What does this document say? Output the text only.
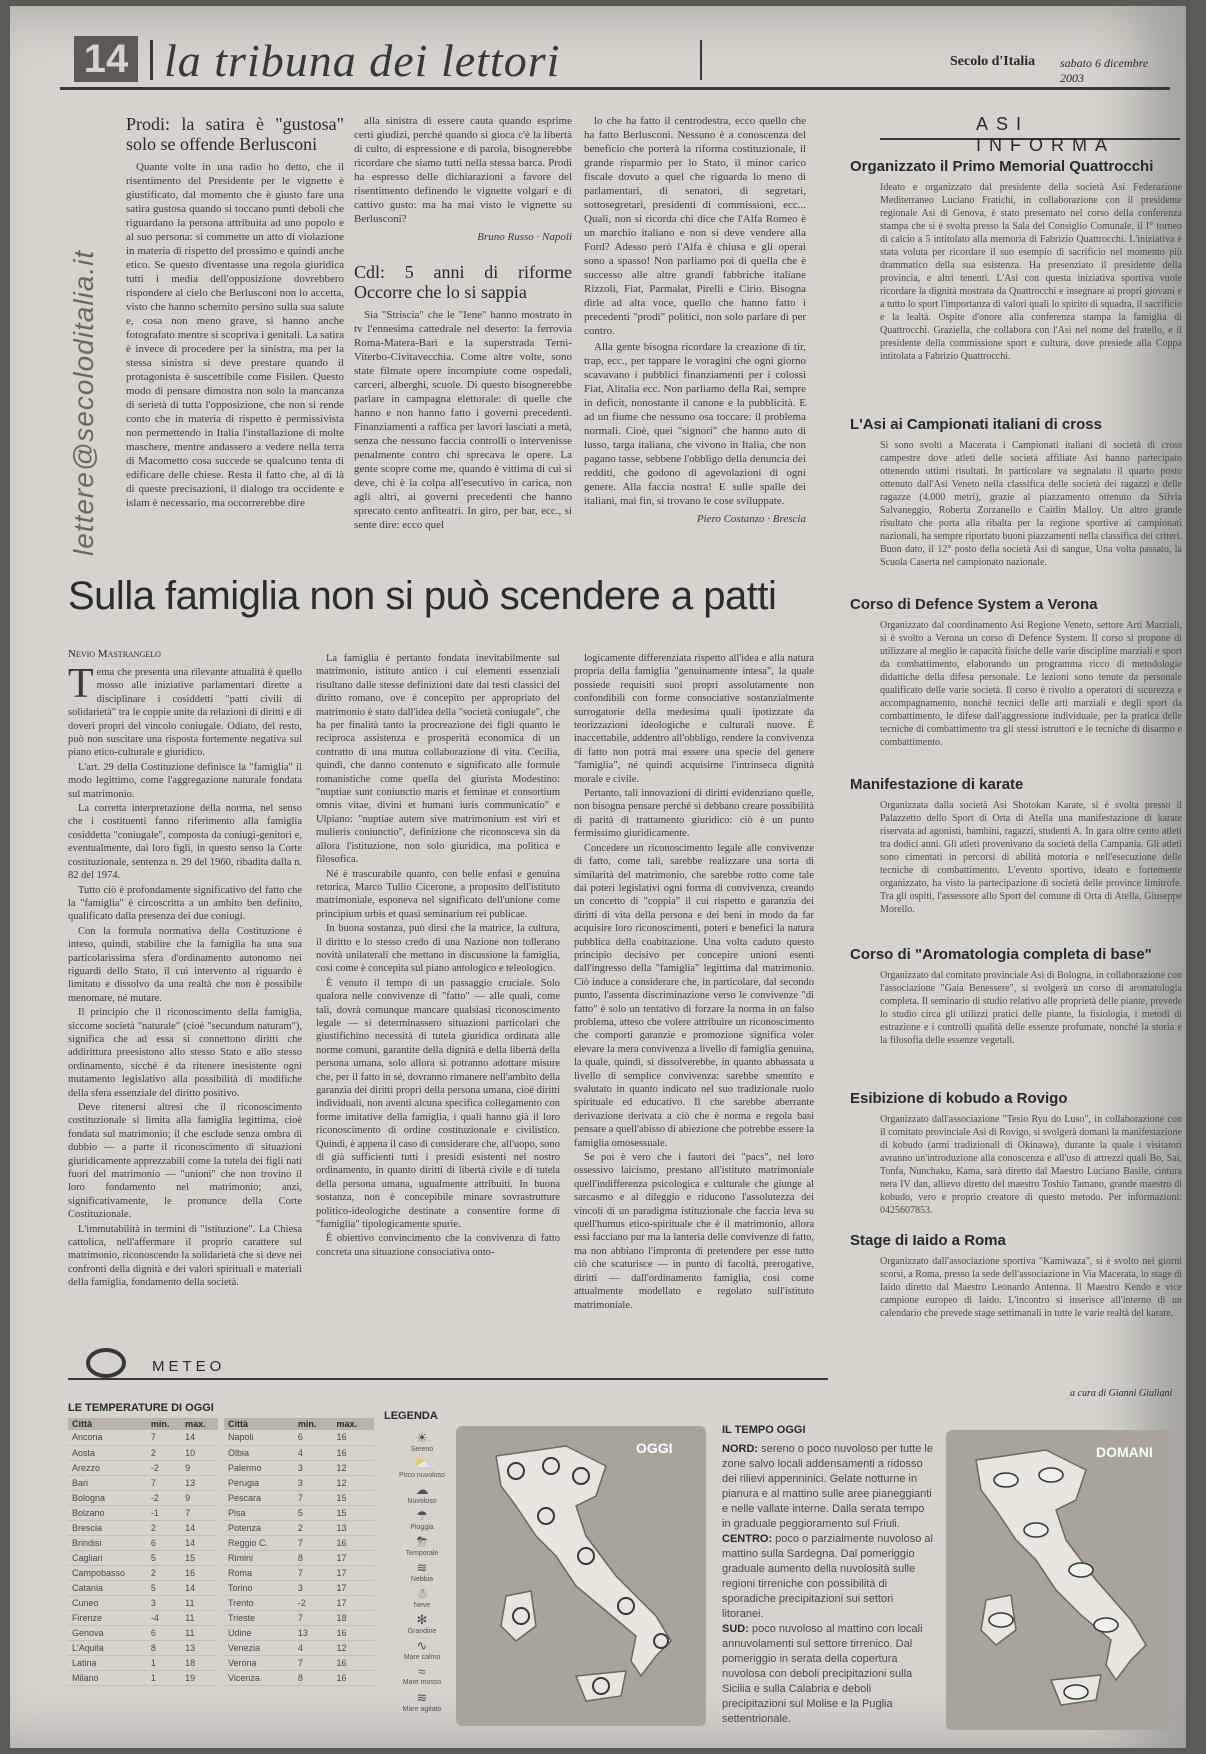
14 la tribuna dei lettori	Secolo d'Italia sabato 6 dicembre 2003
lettere@secoloditalia.it
Prodi: la satira è "gustosa" solo se offende Berlusconi

Quante volte in una radio ho detto, che il risentimento del Presidente per le vignette è giustificato, dal momento che è giusto fare una satira gustosa quando si toccano punti deboli che riguardano la persona attribuita ad uno popolo e al suo persona: si commette un atto di violazione in materia di rispetto del prossimo e quindi anche etico. Se questo diventasse una regola giuridica tutti i media dell'opposizione dovrebbero rispondere al cielo che Berlusconi non lo accetta, visto che hanno schernito persino sulla sua salute e, cosa non meno grave, si hanno anche fotografato mentre si scopriva i genitali. La satira è invece di procedere per la sinistra, ma per la stessa sinistra si deve prestare quando il protagonista è suscettibile come Fisilen. Questo modo di pensare dimostra non solo la mancanza di serietà di tutta l'opposizione, che non si rende conto che in materia di rispetto è permissivista non permettendo in Italia l'installazione di molte maschere, mentre andassero a vedere nella terra di Macometto cosa succede se qualcuno tenta di edificare delle chiese. Resta il fatto che, al di là di queste precisazioni, il dialogo tra occidente e islam è necessario, ma occorrerebbe dire

alla sinistra di essere cauta quando esprime certi giudizi, perché quando si gioca c'è la libertà di culto, di espressione e di parola, bisognerebbe ricordare che siamo tutti nella stessa barca. Prodi ha espresso delle dichiarazioni a favore del risentimento definendo le vignette volgari e di cattivo gusto: ma ha mai visto le vignette su Berlusconi?

Bruno Russo · Napoli
Cdl: 5 anni di riforme Occorre che lo si sappia

Sia "Striscia" che le "Iene" hanno mostrato in tv l'ennesima cattedrale nel deserto: la ferrovia Roma-Matera-Bari e la superstrada Terni-Viterbo-Civitavecchia. Come altre volte, sono state filmate opere incompiute come ospedali, carceri, alberghi, scuole. Di questo bisognerebbe parlare in campagna elettorale: di quelle che hanno e non hanno fatto i governi precedenti. Finanziamenti a raffica per lavori lasciati a metà, senza che nessuno faccia controlli o intervenisse penalmente contro chi sprecava le opere. La gente scopre come me, quando è vittima di cui si deve, chi è la colpa all'esecutivo in carica, non agli altri, ai governi precedenti che hanno sprecato cento anfiteatri. In giro, per bar, ecc., si sente dire: ecco quel

lo che ha fatto il centrodestra, ecco quello che ha fatto Berlusconi. Nessuno è a conoscenza del beneficio che porterà la riforma costituzionale, il grande risparmio per lo Stato, il minor carico fiscale dovuto a quel che riguarda lo meno di parlamentari, di senatori, di segretari, sottosegretari, presidenti di commissioni, ecc... Quali, non si ricorda chi dice che l'Alfa Romeo è un marchio italiano e non si deve vendere alla Ford? Adesso però l'Alfa è chiusa e gli operai sono a spasso! Non parliamo poi di quella che è successo alle altre grandi fabbriche italiane Rizzoli, Fiat, Parmalat, Pirelli e Cirio. Bisogna dirle ad alta voce, quello che hanno fatto i precedenti "prodi" politici, non solo parlare di per contro.

Alla gente bisogna ricordare la creazione di tir, trap, ecc., per tappare le voragini che ogni giorno scavavano i pubblici finanziamenti per i colossi Fiat, Alitalia ecc. Non parliamo della Rai, sempre in deficit, nonostante il canone e la pubblicità. E ad un fiume che nessuno osa toccare: il problema normali. Cioè, quei "signori" che hanno auto di lusso, targa italiana, che vivono in Italia, che non pagano tasse, sebbene l'obbligo della denuncia dei redditi, che godono di agevolazioni di ogni genere. Alla faccia nostra! E sulle spalle dei italiani, mai fin, si trovano le cose sviluppate.

Piero Costanzo · Brescia
Sulla famiglia non si può scendere a patti
Nevio Mastrangelo
T ema che presenta una rilevante attualità è quello mosso alle iniziative parlamentari dirette a disciplinare i cosiddetti "patti civili di solidarietà" tra le coppie unite da relazioni di diritti e di doveri propri del vincolo coniugale. Odiato, del resto, può non suscitare una risposta fortemente negativa sul piano etico-culturale e giuridico.

L'art. 29 della Costituzione definisce la "famiglia" il modo legittimo, come l'aggregazione naturale fondata sul matrimonio.

La corretta interpretazione della norma, nel senso che i costituenti fanno riferimento alla famiglia cosiddetta "coniugale", composta da coniugi-genitori e, eventualmente, dai loro figli, in questo senso la Corte costituzionale, sentenza n. 29 del 1960, ribadita dalla n. 82 del 1974.

Tutto ciò è profondamente significativo del fatto che la "famiglia" è circoscritta a un ambito ben definito, qualificato dalla presenza dei due coniugi.

Con la formula normativa della Costituzione è inteso, quindi, stabilire che la famiglia ha una sua particolarissima sfera d'ordinamento autonomo nei riguardi dello Stato, il cui intervento al riguardo è limitato e dissolvo da una realtà che non è possibile menomare, né mutare.

Il principio che il riconoscimento della famiglia, siccome società "naturale" (cioè "secundum naturam"), significa che ad essa si connettono diritti che addirittura preesistono allo stesso Stato e allo stesso ordinamento, sicché è da ritenere inesistente ogni mutamento legislativo alla possibilità di modifiche della sfera essenziale del diritto positivo.

Deve ritenersi altresì che il riconoscimento costituzionale si limita alla famiglia legittima, cioè fondata sul matrimonio; il che esclude senza ombra di dubbio — a parte il riconoscimento di situazioni giuridicamente apprezzabili come la tutela dei figli nati fuori del matrimonio — "unioni" che non trovino il loro fondamento nel matrimonio; anzi, significativamente, le pronunce della Corte Costituzionale.

L'immutabilità in termini di "istituzione". La Chiesa cattolica, nell'affermare il proprio carattere sul matrimonio, riconoscendo la solidarietà che si deve nei confronti della dignità e dei valori spirituali e materiali della famiglia, fondamento della società.

La famiglia è pertanto fondata inevitabilmente sul matrimonio, istituto antico i cui elementi essenziali risultano dalle stesse definizioni date dai testi classici del diritto romano, ove è concepito per appropriato del matrimonio è stato dall'idea della "società coniugale", che ha per finalità tanto la procreazione dei figli quanto le reciproca assistenza e prosperità economica di un contratto di una mutua collaborazione di vita. Cecilia, quindi, che danno contenuto e significato alle formule romanistiche come quella del giurista Modestino: "nuptiae sunt coniunctio maris et feminae et consortium omnis vitae, divini et humani iuris communicatio" e Ulpiano: "nuptiae autem sive matrimonium est viri et mulieris coniunctio", definizione che riconosceva sin da allora l'istituzione, non solo giuridica, ma politica e filosofica.

Né è trascurabile quanto, con belle enfasi e genuina retorica, Marco Tullio Cicerone, a proposito dell'istituto matrimoniale, esponeva nel significato dell'unione come principium urbis et quasi seminarium rei publicae.

In buona sostanza, può dirsi che la matrice, la cultura, il diritto e lo stesso credo di una Nazione non tollerano novità unilaterali che mettano in discussione la famiglia, così come è concepita sul piano antologico e teleologico.

È venuto il tempo di un passaggio cruciale. Solo qualora nelle convivenze di "fatto" — alle quali, come tali, dovrà comunque mancare qualsiasi riconoscimento legale — si determinassero situazioni particolari che giustifichino necessità di tutela giuridica ordinata alle norme comuni, garantite della dignità e della libertà della persona umana, solo allora si potranno adottare misure che, per il fatto in sé, dovranno rimanere nell'ambito della garanzia dei diritti propri della persona umana, cioè diritti individuali, non aventi alcuna specifica collegamento con forme imitative della famiglia, i quali hanno già il loro riconoscimento di ordine costituzionale e civilistico. Quindi, è appena il caso di considerare che, all'uopo, sono di già sufficienti tutti i presidi esistenti nel nostro ordinamento, in quanto diritti di libertà civile e di tutela della persona umana, ugualmente attribuiti. In buona sostanza, non è concepibile minare sovrastrutture politico-ideologiche destinate a consentire forme di "famiglia" tipologicamente spurie.

È obiettivo convincimento che la convivenza di fatto concreta una situazione consociativa onto-

logicamente differenziata rispetto all'idea e alla natura propria della famiglia "genuinamente intesa", la quale possiede requisiti suoi propri assolutamente non confondibili con forme consociative sostanzialmente surrogatorie della medesima quali ipotizzate da teorizzazioni ideologiche e culturali nuove. È inaccettabile, addentro all'obbligo, rendere la convivenza di fatto non potrà mai essere una specie del genere "famiglia", né quindi acquisirne l'intrinseca dignità morale e civile.

Pertanto, tali innovazioni di diritti evidenziano quelle, non bisogna pensare perché si debbano creare possibilità di parità di trattamento giuridico: ciò è un punto fermissimo giuridicamente.

Concedere un riconoscimento legale alle convivenze di fatto, come tali, sarebbe realizzare una sorta di similarità del matrimonio, che sarebbe rotto come tale dai poteri legislativi ogni forma di convivenza, creando un concetto di "coppia" il cui rispetto e garanzia dei diritti di vita della persona e dei beni in modo da far acquisire loro riconoscimenti, poteri e benefici la natura pubblica della coabitazione. Una volta caduto questo principio decisivo per concepire unioni esenti dall'ingresso della "famiglia" legittima dal matrimonio. Ciò induce a considerare che, in particolare, dal secondo punto, l'assenta discriminazione verso le convivenze "di fatto" è solo un tentativo di forzare la norma in un falso problema, atteso che volere attribuire un riconoscimento che comporti garanzie e promozione significa voler elevare la mera convivenza a livello di famiglia genuina, la quale, quindi, si dissolverebbe, in quanto abbassata a livello di semplice convivenza: sarebbe smentito e svalutato in quanto indicato nel suo tradizionale ruolo spirituale ed educativo. Il che sarebbe aberrante derivazione derivata a ciò che è norma e regola basi pensare a quell'abisso di abiezione che potrebbe essere la famiglia omosessuale.

Se poi è vero che i fautori dei "pacs", nel loro ossessivo laicismo, prestano all'istituto matrimoniale quell'indifferenza psicologica e culturale che giunge al sarcasmo e al dileggio e riducono l'assolutezza dei vincoli di un paradigma istituzionale che faccia leva su quell'humus etico-spirituale che è il matrimonio, allora essi facciano pur ma la lanteria delle convivenze di fatto, ma non abbiano l'impronta di pretendere per esse tutto ciò che scaturisce — in punto di facoltà, prerogative, diritti — dall'ordinamento famiglia, così come attualmente modellato e regolato sull'istituto matrimoniale.

ASI INFORMA
Organizzato il Primo Memorial Quattrocchi
Ideato e organizzato dal presidente della società Asi Federazione Mediterraneo Luciano Fratichi, in collaborazione con il presidente regionale Asi di Genova, è stato presentato nel corso della conferenza stampa che si è svolta presso la Sala del Consiglio Comunale, il I° torneo di calcio a 5 intitolato alla memoria di Fabrizio Quattrocchi. L'iniziativa è stata voluta per ricordare il suo esempio di sacrificio nel momento più drammatico della sua esistenza. Ha presenziato il presidente della provincia, e altri tenenti. L'Asi con questa iniziativa sportiva vuole ricordare la dignità mostrata da Quattrocchi e insegnare ai propri giovani e a tutto lo sport l'importanza di valori quali lo spirito di squadra, il sacrificio e la lealtà. Ospite d'onore alla conferenza stampa la famiglia di Quattrocchi. Graziella, che collabora con l'Asi nel nome del fratello, e il presidente della commissione sport e cultura, dove presiede alla Coppa intitolata a Fabrizio Quattrocchi.
L'Asi ai Campionati italiani di cross
Si sono svolti a Macerata i Campionati italiani di società di cross campestre dove atleti delle società affiliate Asi hanno partecipato ottenendo ottimi risultati. In particolare va segnalato il quarto posto ottenuto dall'Asi Veneto nella classifica delle società dei ragazzi e delle ragazze (4.000 metri), grazie al piazzamento ottenuto da Silvia Salvaneggio, Roberta Zorzanello e Caitlin Malloy. Un altro grande risultato che porta alla ribalta per la regione sportive ai campionati nazionali, ha sempre riportato buoni piazzamenti nella classifica dei criteri. Buon dato, il 12° posto della società Asi di sangue, Una volta passato, la Scuola Caserta nel campionato nazionale.
Corso di Defence System a Verona
Organizzato dal coordinamento Asi Regione Veneto, settore Arti Marziali, si è svolto a Verona un corso di Defence System. Il corso si propone di utilizzare al meglio le capacità fisiche delle varie discipline marziali e sport da combattimento, elaborando un programma ricco di metodologie didattiche della difesa personale. Le lezioni sono tenute da personale qualificato delle varie società. Il corso è rivolto a operatori di sicurezza e accompagnamento, nonché tecnici delle arti marziali e degli sport da combattimento, le difese dall'aggressione individuale, per la pratica delle tecniche di combattimento tra gli stessi istruttori e le tecniche di disarmo e combattimento.
Manifestazione di karate
Organizzata dalla società Asi Shotokan Karate, si è svolta presso il Palazzetto dello Sport di Orta di Atella una manifestazione di karate riservata ad agonisti, bambini, ragazzi, studenti A. In gara oltre cento atleti tra dodici anni. Gli atleti provenivano da società della Campania. Gli atleti sono cimentati in percorsi di abilità motoria e nell'esecuzione delle tecniche di combattimento. L'evento sportivo, ideato e fortemente organizzato, ha visto la partecipazione di società delle province limitrofe. Tra gli ospiti, l'assessore allo Sport del comune di Orta di Atella, Giuseppe Morello.
Corso di "Aromatologia completa di base"
Organizzato dal comitato provinciale Asi di Bologna, in collaborazione con l'associazione "Gaia Benessere", si svolgerà un corso di aromatologia completa. Il seminario di studio relativo alle proprietà delle piante, prevede lo studio circa gli utilizzi pratici delle piante, la fisiologia, i metodi di estrazione e i controlli qualità delle essenze profumate, nonché la storia e la filosofia delle essenze vegetali.
Esibizione di kobudo a Rovigo
Organizzato dall'associazione "Tesio Ryu do Luso", in collaborazione con il comitato provinciale Asi di Rovigo, si svolgerà domani la manifestazione di kobudo (armi tradizionali di Okinawa), durante la quale i visitatori avranno un'introduzione alla conoscenza e all'uso di attrezzi quali Bo, Sai, Tonfa, Nunchaku, Kama, sarà diretto dal Maestro Luciano Basile, cintura nera IV dan, allievo diretto del maestro Toshio Tamano, grande maestro di kobudo, vero e proprio creatore di questo metodo. Per informazioni: 0425607853.
Stage di Iaido a Roma
Organizzato dall'associazione sportiva "Kamiwaza", si è svolto nei giorni scorsi, a Roma, presso la sede dell'associazione in Via Macerata, lo stage di Iaido diretto dal Maestro Leonardo Antenna. Il Maestro Kendo e vice campione europeo di Iaido. L'incontro si inserisce all'interno di un calendario che prevede stage settimanali in tutte le varie realtà del karate.
a cura di Gianni Giuliani
METEO
LE TEMPERATURE DI OGGI
Città	min.	max.
Ancona	7	14
Aosta	2	10
Arezzo	-2	9
Bari	7	13
Bologna	-2	9
Bolzano	-1	7
Brescia	2	14
Brindisi	6	14
Cagliari	5	15
Campobasso	2	16
Catania	5	14
Cuneo	3	11
Firenze	-4	11
Genova	6	11
L'Aquila	8	13
Latina	1	18
Milano	1	19
Città	min.	max.
Napoli	6	16
Olbia	4	16
Palermo	3	12
Perugia	3	12
Pescara	7	15
Pisa	5	15
Potenza	2	13
Reggio C.	7	16
Rimini	8	17
Roma	7	17
Torino	3	17
Trento	-2	17
Trieste	7	18
Udine	13	16
Venezia	4	12
Verona	7	16
Vicenza	8	16
LEGENDA
☀
Sereno
⛅
Poco nuvoloso
☁
Nuvoloso
☂
Pioggia
⛈
Temporale
≋
Nebbia
☃
Neve
✻
Grandine
∿
Mare calmo
≈
Mare mosso
≋
Mare agitato
OGGI
IL TEMPO OGGI
NORD: sereno o poco nuvoloso per tutte le zone salvo locali addensamenti a ridosso dei rilievi appenninici. Gelate notturne in pianura e al mattino sulle aree pianeggianti e nelle vallate interne. Dalla serata tempo in graduale peggioramento sul Friuli.
CENTRO: poco o parzialmente nuvoloso al mattino sulla Sardegna. Dal pomeriggio graduale aumento della nuvolosità sulle regioni tirreniche con possibilità di sporadiche precipitazioni sui settori litoranei.
SUD: poco nuvoloso al mattino con locali annuvolamenti sul settore tirrenico. Dal pomeriggio in serata della copertura nuvolosa con deboli precipitazioni sulla Sicilia e sulla Calabria e deboli precipitazioni sul Molise e la Puglia settentrionale.
DOMANI
